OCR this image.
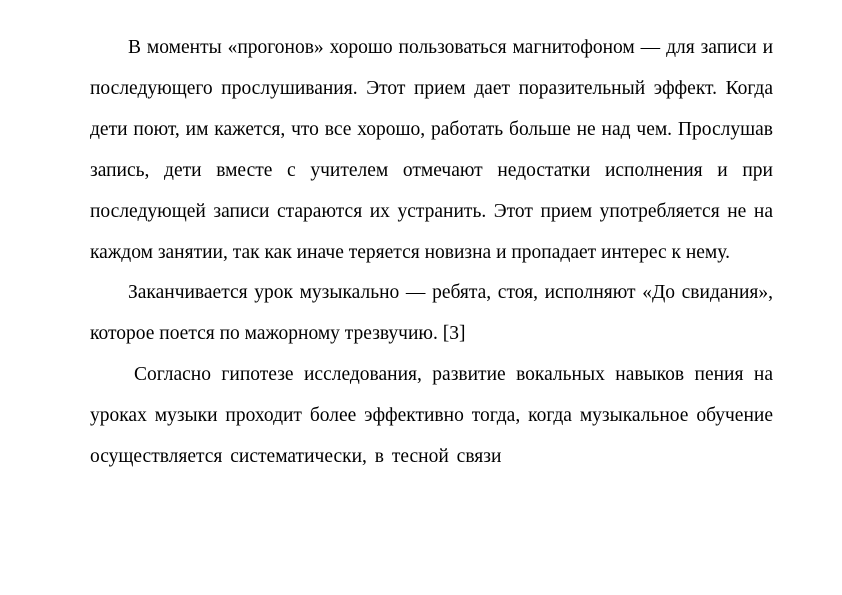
В моменты «прогонов» хорошо пользоваться магнитофоном — для записи и последующего прослушивания. Этот прием дает поразительный эффект. Когда дети поют, им кажется, что все хорошо, работать больше не над чем. Прослушав запись, дети вместе с учителем отмечают недостатки исполнения и при последующей записи стараются их устранить. Этот прием употребляется не на каждом занятии, так как иначе теряется новизна и пропадает интерес к нему.

Заканчивается урок музыкально — ребята, стоя, исполняют «До свидания», которое поется по мажорному трезвучию. [3]

Согласно гипотезе исследования, развитие вокальных навыков пения на уроках музыки проходит более эффективно тогда, когда музыкальное обучение осуществляется систематически, в тесной связи
